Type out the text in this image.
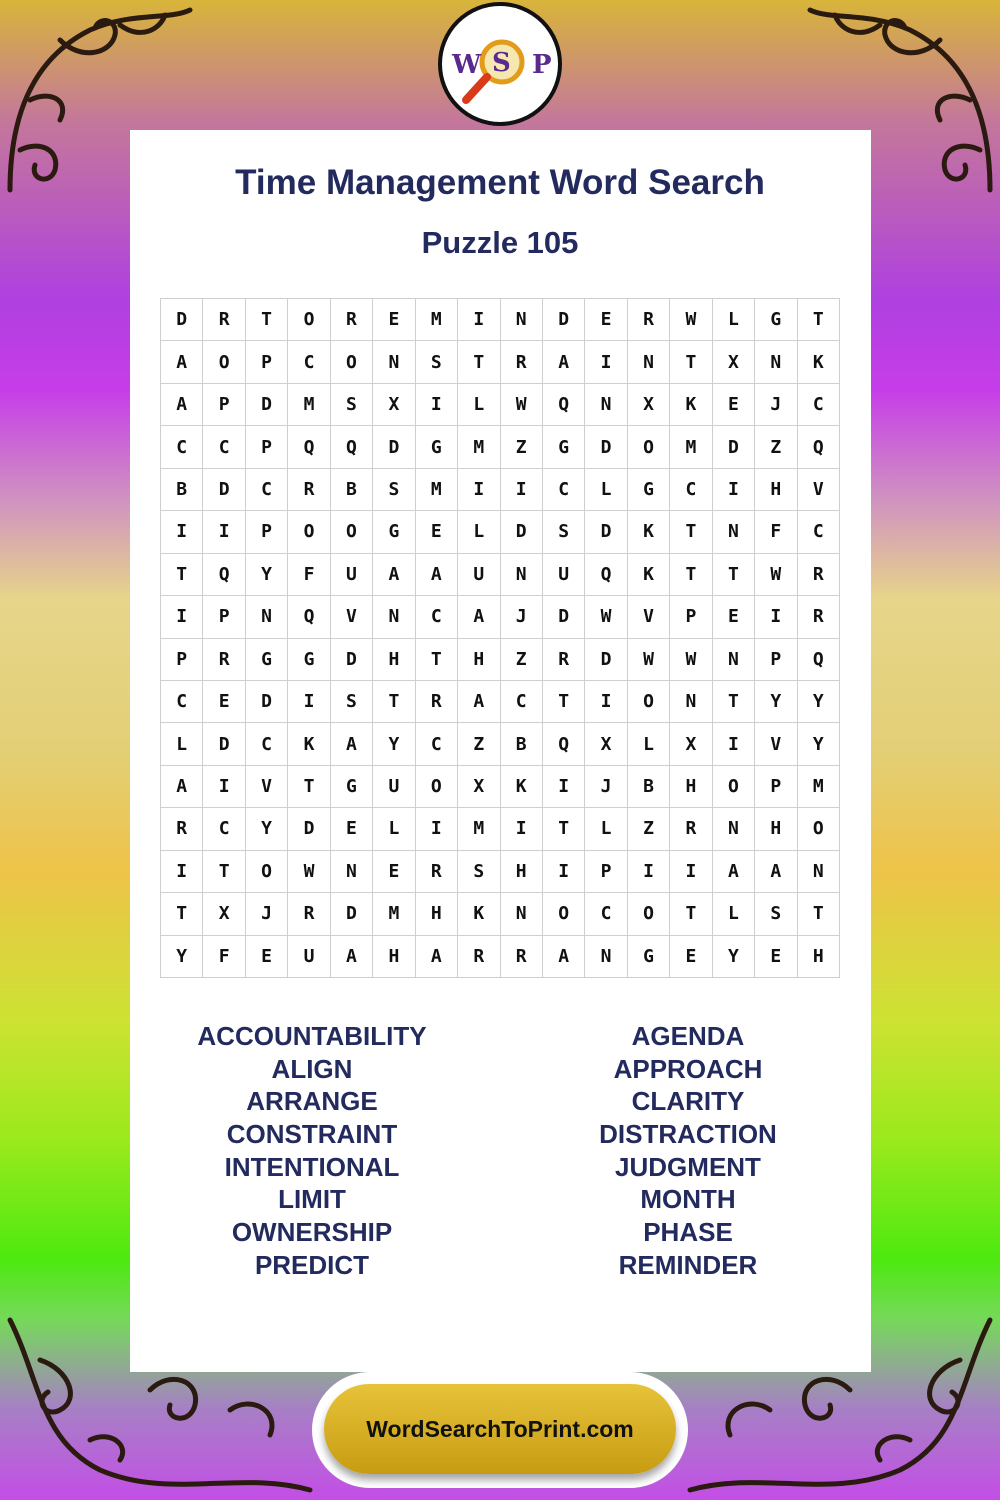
W S P
Time Management Word Search
Puzzle 105
D	R	T	O	R	E	M	I	N	D	E	R	W	L	G	T
A	O	P	C	O	N	S	T	R	A	I	N	T	X	N	K
A	P	D	M	S	X	I	L	W	Q	N	X	K	E	J	C
C	C	P	Q	Q	D	G	M	Z	G	D	O	M	D	Z	Q
B	D	C	R	B	S	M	I	I	C	L	G	C	I	H	V
I	I	P	O	O	G	E	L	D	S	D	K	T	N	F	C
T	Q	Y	F	U	A	A	U	N	U	Q	K	T	T	W	R
I	P	N	Q	V	N	C	A	J	D	W	V	P	E	I	R
P	R	G	G	D	H	T	H	Z	R	D	W	W	N	P	Q
C	E	D	I	S	T	R	A	C	T	I	O	N	T	Y	Y
L	D	C	K	A	Y	C	Z	B	Q	X	L	X	I	V	Y
A	I	V	T	G	U	O	X	K	I	J	B	H	O	P	M
R	C	Y	D	E	L	I	M	I	T	L	Z	R	N	H	O
I	T	O	W	N	E	R	S	H	I	P	I	I	A	A	N
T	X	J	R	D	M	H	K	N	O	C	O	T	L	S	T
Y	F	E	U	A	H	A	R	R	A	N	G	E	Y	E	H
ACCOUNTABILITY
ALIGN
ARRANGE
CONSTRAINT
INTENTIONAL
LIMIT
OWNERSHIP
PREDICT
AGENDA
APPROACH
CLARITY
DISTRACTION
JUDGMENT
MONTH
PHASE
REMINDER
WordSearchToPrint.com
